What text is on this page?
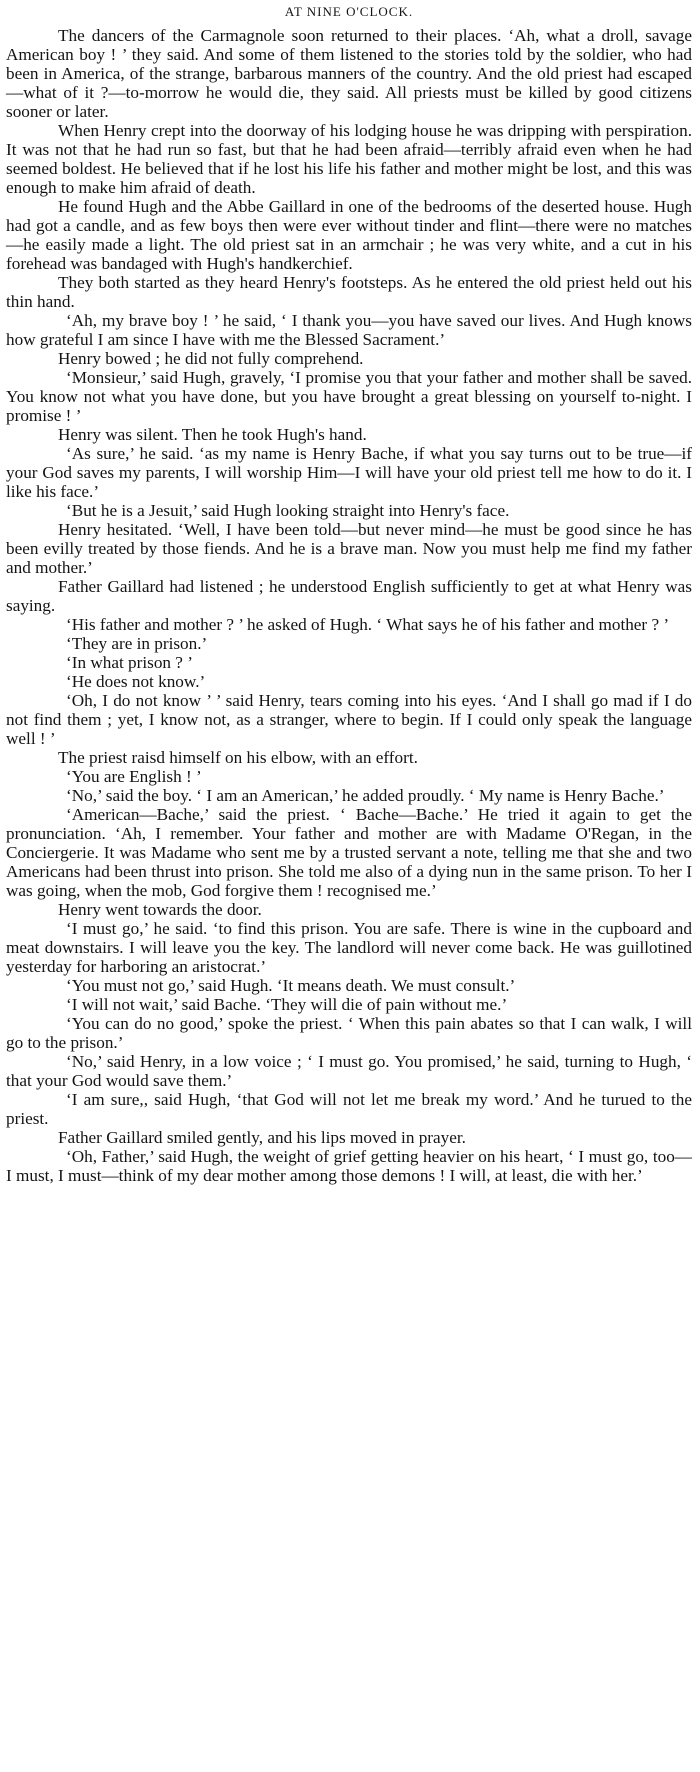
AT NINE O'CLOCK.

The dancers of the Carmagnole soon returned to their places. ‘Ah, what a droll, savage American boy ! ’ they said. And some of them listened to the stories told by the soldier, who had been in America, of the strange, barbarous manners of the country. And the old priest had escaped—what of it ?—to-morrow he would die, they said. All priests must be killed by good citizens sooner or later.

When Henry crept into the doorway of his lodging house he was dripping with perspiration. It was not that he had run so fast, but that he had been afraid—terribly afraid even when he had seemed boldest. He believed that if he lost his life his father and mother might be lost, and this was enough to make him afraid of death.

He found Hugh and the Abbe Gaillard in one of the bedrooms of the deserted house. Hugh had got a candle, and as few boys then were ever without tinder and flint—there were no matches—he easily made a light. The old priest sat in an armchair ; he was very white, and a cut in his forehead was bandaged with Hugh's handkerchief.

They both started as they heard Henry's footsteps. As he entered the old priest held out his thin hand.

‘Ah, my brave boy ! ’ he said, ‘ I thank you—you have saved our lives. And Hugh knows how grateful I am since I have with me the Blessed Sacrament.’

Henry bowed ; he did not fully comprehend.

‘Monsieur,’ said Hugh, gravely, ‘I promise you that your father and mother shall be saved. You know not what you have done, but you have brought a great blessing on yourself to-night. I promise ! ’

Henry was silent. Then he took Hugh's hand.

‘As sure,’ he said. ‘as my name is Henry Bache, if what you say turns out to be true—if your God saves my parents, I will worship Him—I will have your old priest tell me how to do it. I like his face.’

‘But he is a Jesuit,’ said Hugh looking straight into Henry's face.

Henry hesitated. ‘Well, I have been told—but never mind—he must be good since he has been evilly treated by those fiends. And he is a brave man. Now you must help me find my father and mother.’

Father Gaillard had listened ; he understood English sufficiently to get at what Henry was saying.

‘His father and mother ? ’ he asked of Hugh. ‘ What says he of his father and mother ? ’

‘They are in prison.’

‘In what prison ? ’

‘He does not know.’

‘Oh, I do not know ’ ’ said Henry, tears coming into his eyes. ‘And I shall go mad if I do not find them ; yet, I know not, as a stranger, where to begin. If I could only speak the language well ! ’

The priest raisd himself on his elbow, with an effort.

‘You are English ! ’

‘No,’ said the boy. ‘ I am an American,’ he added proudly. ‘ My name is Henry Bache.’

‘American—Bache,’ said the priest. ‘ Bache—Bache.’ He tried it again to get the pronunciation. ‘Ah, I remember. Your father and mother are with Madame O'Regan, in the Conciergerie. It was Madame who sent me by a trusted servant a note, telling me that she and two Americans had been thrust into prison. She told me also of a dying nun in the same prison. To her I was going, when the mob, God forgive them ! recognised me.’

Henry went towards the door.

‘I must go,’ he said. ‘to find this prison. You are safe. There is wine in the cupboard and meat downstairs. I will leave you the key. The landlord will never come back. He was guillotined yesterday for harboring an aristocrat.’

‘You must not go,’ said Hugh. ‘It means death. We must consult.’

‘I will not wait,’ said Bache. ‘They will die of pain without me.’

‘You can do no good,’ spoke the priest. ‘ When this pain abates so that I can walk, I will go to the prison.’

‘No,’ said Henry, in a low voice ; ‘ I must go. You promised,’ he said, turning to Hugh, ‘ that your God would save them.’

‘I am sure,, said Hugh, ‘that God will not let me break my word.’ And he turued to the priest.

Father Gaillard smiled gently, and his lips moved in prayer.

‘Oh, Father,’ said Hugh, the weight of grief getting heavier on his heart, ‘ I must go, too—I must, I must—think of my dear mother among those demons ! I will, at least, die with her.’
